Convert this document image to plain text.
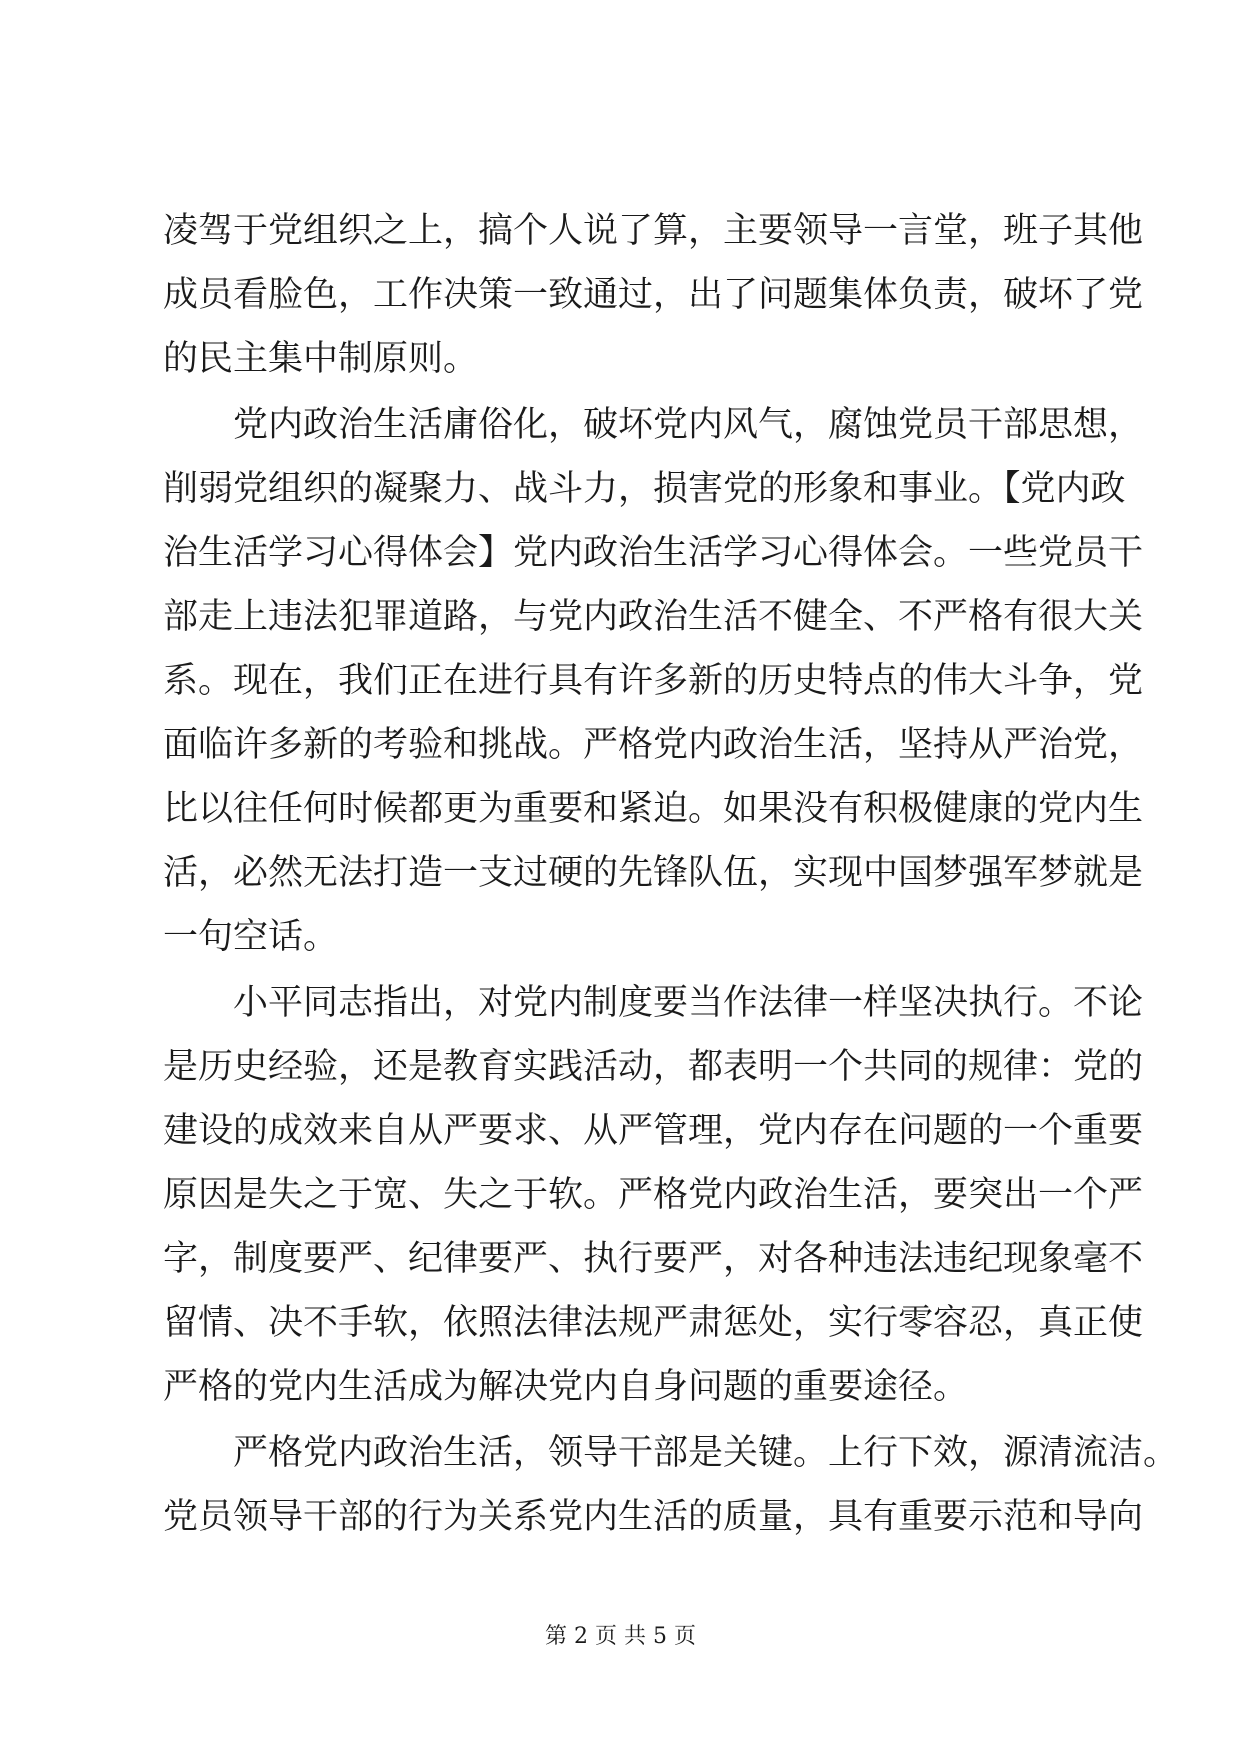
凌驾于党组织之上，搞个人说了算，主要领导一言堂，班子其他
成员看脸色，工作决策一致通过，出了问题集体负责，破坏了党
的民主集中制原则。
党内政治生活庸俗化，破坏党内风气，腐蚀党员干部思想，
削弱党组织的凝聚力、战斗力，损害党的形象和事业。【党内政
治生活学习心得体会】党内政治生活学习心得体会。一些党员干
部走上违法犯罪道路，与党内政治生活不健全、不严格有很大关
系。现在，我们正在进行具有许多新的历史特点的伟大斗争，党
面临许多新的考验和挑战。严格党内政治生活，坚持从严治党，
比以往任何时候都更为重要和紧迫。如果没有积极健康的党内生
活，必然无法打造一支过硬的先锋队伍，实现中国梦强军梦就是
一句空话。
小平同志指出，对党内制度要当作法律一样坚决执行。不论
是历史经验，还是教育实践活动，都表明一个共同的规律：党的
建设的成效来自从严要求、从严管理，党内存在问题的一个重要
原因是失之于宽、失之于软。严格党内政治生活，要突出一个严
字，制度要严、纪律要严、执行要严，对各种违法违纪现象毫不
留情、决不手软，依照法律法规严肃惩处，实行零容忍，真正使
严格的党内生活成为解决党内自身问题的重要途径。
严格党内政治生活，领导干部是关键。上行下效，源清流洁。
党员领导干部的行为关系党内生活的质量，具有重要示范和导向
第 2 页 共 5 页
